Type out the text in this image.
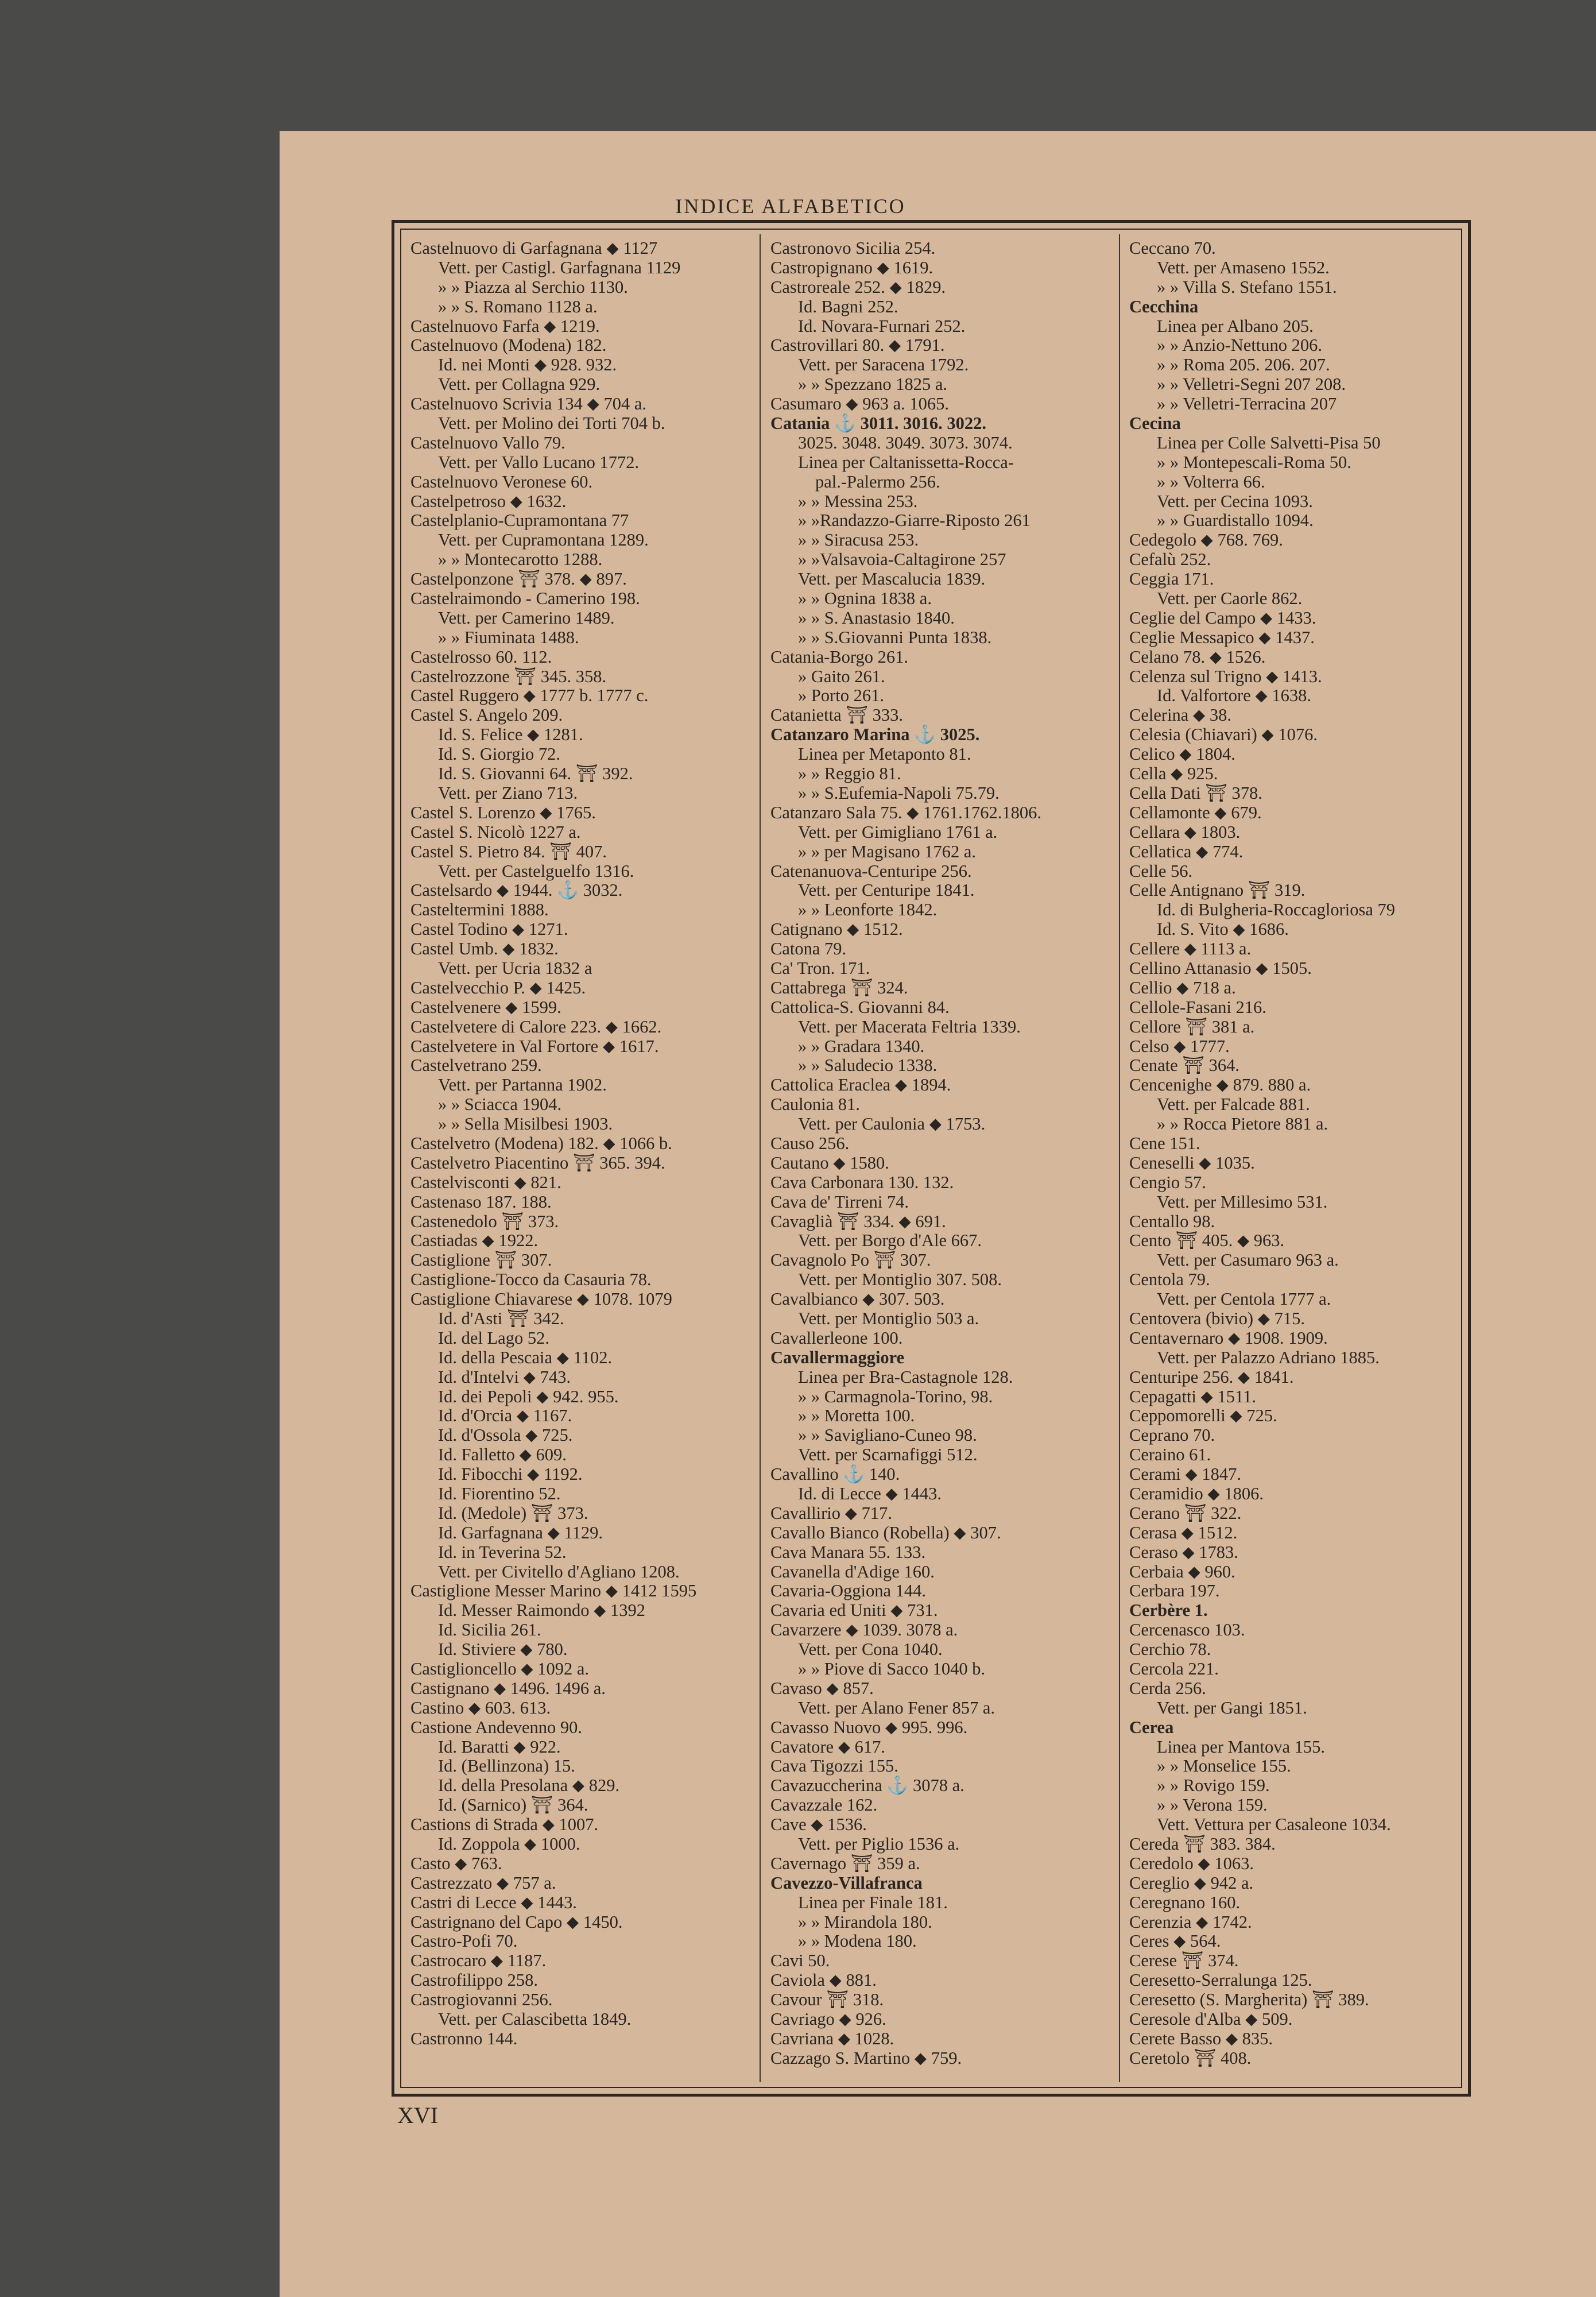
INDICE ALFABETICO
Castelnuovo di Garfagnana ⬥ 1127
Vett. per Castigl. Garfagnana 1129
» » Piazza al Serchio 1130.
» » S. Romano 1128 a.
Castelnuovo Farfa ⬥ 1219.
Castelnuovo (Modena) 182.
Id. nei Monti ⬥ 928. 932.
Vett. per Collagna 929.
Castelnuovo Scrivia 134 ⬥ 704 a.
Vett. per Molino dei Torti 704 b.
Castelnuovo Vallo 79.
Vett. per Vallo Lucano 1772.
Castelnuovo Veronese 60.
Castelpetroso ⬥ 1632.
Castelplanio-Cupramontana 77
Vett. per Cupramontana 1289.
» » Montecarotto 1288.
Castelponzone ⛩ 378. ⬥ 897.
Castelraimondo - Camerino 198.
Vett. per Camerino 1489.
» » Fiuminata 1488.
Castelrosso 60. 112.
Castelrozzone ⛩ 345. 358.
Castel Ruggero ⬥ 1777 b. 1777 c.
Castel S. Angelo 209.
Id. S. Felice ⬥ 1281.
Id. S. Giorgio 72.
Id. S. Giovanni 64. ⛩ 392.
Vett. per Ziano 713.
Castel S. Lorenzo ⬥ 1765.
Castel S. Nicolò 1227 a.
Castel S. Pietro 84. ⛩ 407.
Vett. per Castelguelfo 1316.
Castelsardo ⬥ 1944. ⚓ 3032.
Casteltermini 1888.
Castel Todino ⬥ 1271.
Castel Umb. ⬥ 1832.
Vett. per Ucria 1832 a
Castelvecchio P. ⬥ 1425.
Castelvenere ⬥ 1599.
Castelvetere di Calore 223. ⬥ 1662.
Castelvetere in Val Fortore ⬥ 1617.
Castelvetrano 259.
Vett. per Partanna 1902.
» » Sciacca 1904.
» » Sella Misilbesi 1903.
Castelvetro (Modena) 182. ⬥ 1066 b.
Castelvetro Piacentino ⛩ 365. 394.
Castelvisconti ⬥ 821.
Castenaso 187. 188.
Castenedolo ⛩ 373.
Castiadas ⬥ 1922.
Castiglione ⛩ 307.
Castiglione-Tocco da Casauria 78.
Castiglione Chiavarese ⬥ 1078. 1079
Id. d'Asti ⛩ 342.
Id. del Lago 52.
Id. della Pescaia ⬥ 1102.
Id. d'Intelvi ⬥ 743.
Id. dei Pepoli ⬥ 942. 955.
Id. d'Orcia ⬥ 1167.
Id. d'Ossola ⬥ 725.
Id. Falletto ⬥ 609.
Id. Fibocchi ⬥ 1192.
Id. Fiorentino 52.
Id. (Medole) ⛩ 373.
Id. Garfagnana ⬥ 1129.
Id. in Teverina 52.
Vett. per Civitello d'Agliano 1208.
Castiglione Messer Marino ⬥ 1412 1595
Id. Messer Raimondo ⬥ 1392
Id. Sicilia 261.
Id. Stiviere ⬥ 780.
Castiglioncello ⬥ 1092 a.
Castignano ⬥ 1496. 1496 a.
Castino ⬥ 603. 613.
Castione Andevenno 90.
Id. Baratti ⬥ 922.
Id. (Bellinzona) 15.
Id. della Presolana ⬥ 829.
Id. (Sarnico) ⛩ 364.
Castions di Strada ⬥ 1007.
Id. Zoppola ⬥ 1000.
Casto ⬥ 763.
Castrezzato ⬥ 757 a.
Castri di Lecce ⬥ 1443.
Castrignano del Capo ⬥ 1450.
Castro-Pofi 70.
Castrocaro ⬥ 1187.
Castrofilippo 258.
Castrogiovanni 256.
Vett. per Calascibetta 1849.
Castronno 144.
Castronovo Sicilia 254.
Castropignano ⬥ 1619.
Castroreale 252. ⬥ 1829.
Id. Bagni 252.
Id. Novara-Furnari 252.
Castrovillari 80. ⬥ 1791.
Vett. per Saracena 1792.
» » Spezzano 1825 a.
Casumaro ⬥ 963 a. 1065.
Catania ⚓ 3011. 3016. 3022.
3025. 3048. 3049. 3073. 3074.
Linea per Caltanissetta-Rocca-
pal.-Palermo 256.
» » Messina 253.
» »Randazzo-Giarre-Riposto 261
» » Siracusa 253.
» »Valsavoia-Caltagirone 257
Vett. per Mascalucia 1839.
» » Ognina 1838 a.
» » S. Anastasio 1840.
» » S.Giovanni Punta 1838.
Catania-Borgo 261.
» Gaito 261.
» Porto 261.
Catanietta ⛩ 333.
Catanzaro Marina ⚓ 3025.
Linea per Metaponto 81.
» » Reggio 81.
» » S.Eufemia-Napoli 75.79.
Catanzaro Sala 75. ⬥ 1761.1762.1806.
Vett. per Gimigliano 1761 a.
» » per Magisano 1762 a.
Catenanuova-Centuripe 256.
Vett. per Centuripe 1841.
» » Leonforte 1842.
Catignano ⬥ 1512.
Catona 79.
Ca' Tron. 171.
Cattabrega ⛩ 324.
Cattolica-S. Giovanni 84.
Vett. per Macerata Feltria 1339.
» » Gradara 1340.
» » Saludecio 1338.
Cattolica Eraclea ⬥ 1894.
Caulonia 81.
Vett. per Caulonia ⬥ 1753.
Causo 256.
Cautano ⬥ 1580.
Cava Carbonara 130. 132.
Cava de' Tirreni 74.
Cavaglià ⛩ 334. ⬥ 691.
Vett. per Borgo d'Ale 667.
Cavagnolo Po ⛩ 307.
Vett. per Montiglio 307. 508.
Cavalbianco ⬥ 307. 503.
Vett. per Montiglio 503 a.
Cavallerleone 100.
Cavallermaggiore
Linea per Bra-Castagnole 128.
» » Carmagnola-Torino, 98.
» » Moretta 100.
» » Savigliano-Cuneo 98.
Vett. per Scarnafiggi 512.
Cavallino ⚓ 140.
Id. di Lecce ⬥ 1443.
Cavallirio ⬥ 717.
Cavallo Bianco (Robella) ⬥ 307.
Cava Manara 55. 133.
Cavanella d'Adige 160.
Cavaria-Oggiona 144.
Cavaria ed Uniti ⬥ 731.
Cavarzere ⬥ 1039. 3078 a.
Vett. per Cona 1040.
» » Piove di Sacco 1040 b.
Cavaso ⬥ 857.
Vett. per Alano Fener 857 a.
Cavasso Nuovo ⬥ 995. 996.
Cavatore ⬥ 617.
Cava Tigozzi 155.
Cavazuccherina ⚓ 3078 a.
Cavazzale 162.
Cave ⬥ 1536.
Vett. per Piglio 1536 a.
Cavernago ⛩ 359 a.
Cavezzo-Villafranca
Linea per Finale 181.
» » Mirandola 180.
» » Modena 180.
Cavi 50.
Caviola ⬥ 881.
Cavour ⛩ 318.
Cavriago ⬥ 926.
Cavriana ⬥ 1028.
Cazzago S. Martino ⬥ 759.
Ceccano 70.
Vett. per Amaseno 1552.
» » Villa S. Stefano 1551.
Cecchina
Linea per Albano 205.
» » Anzio-Nettuno 206.
» » Roma 205. 206. 207.
» » Velletri-Segni 207 208.
» » Velletri-Terracina 207
Cecina
Linea per Colle Salvetti-Pisa 50
» » Montepescali-Roma 50.
» » Volterra 66.
Vett. per Cecina 1093.
» » Guardistallo 1094.
Cedegolo ⬥ 768. 769.
Cefalù 252.
Ceggia 171.
Vett. per Caorle 862.
Ceglie del Campo ⬥ 1433.
Ceglie Messapico ⬥ 1437.
Celano 78. ⬥ 1526.
Celenza sul Trigno ⬥ 1413.
Id. Valfortore ⬥ 1638.
Celerina ⬥ 38.
Celesia (Chiavari) ⬥ 1076.
Celico ⬥ 1804.
Cella ⬥ 925.
Cella Dati ⛩ 378.
Cellamonte ⬥ 679.
Cellara ⬥ 1803.
Cellatica ⬥ 774.
Celle 56.
Celle Antignano ⛩ 319.
Id. di Bulgheria-Roccagloriosa 79
Id. S. Vito ⬥ 1686.
Cellere ⬥ 1113 a.
Cellino Attanasio ⬥ 1505.
Cellio ⬥ 718 a.
Cellole-Fasani 216.
Cellore ⛩ 381 a.
Celso ⬥ 1777.
Cenate ⛩ 364.
Cencenighe ⬥ 879. 880 a.
Vett. per Falcade 881.
» » Rocca Pietore 881 a.
Cene 151.
Ceneselli ⬥ 1035.
Cengio 57.
Vett. per Millesimo 531.
Centallo 98.
Cento ⛩ 405. ⬥ 963.
Vett. per Casumaro 963 a.
Centola 79.
Vett. per Centola 1777 a.
Centovera (bivio) ⬥ 715.
Centavernaro ⬥ 1908. 1909.
Vett. per Palazzo Adriano 1885.
Centuripe 256. ⬥ 1841.
Cepagatti ⬥ 1511.
Ceppomorelli ⬥ 725.
Ceprano 70.
Ceraino 61.
Cerami ⬥ 1847.
Ceramidio ⬥ 1806.
Cerano ⛩ 322.
Cerasa ⬥ 1512.
Ceraso ⬥ 1783.
Cerbaia ⬥ 960.
Cerbara 197.
Cerbère 1.
Cercenasco 103.
Cerchio 78.
Cercola 221.
Cerda 256.
Vett. per Gangi 1851.
Cerea
Linea per Mantova 155.
» » Monselice 155.
» » Rovigo 159.
» » Verona 159.
Vett. Vettura per Casaleone 1034.
Cereda ⛩ 383. 384.
Ceredolo ⬥ 1063.
Cereglio ⬥ 942 a.
Ceregnano 160.
Cerenzia ⬥ 1742.
Ceres ⬥ 564.
Cerese ⛩ 374.
Ceresetto-Serralunga 125.
Ceresetto (S. Margherita) ⛩ 389.
Ceresole d'Alba ⬥ 509.
Cerete Basso ⬥ 835.
Ceretolo ⛩ 408.
XVI
